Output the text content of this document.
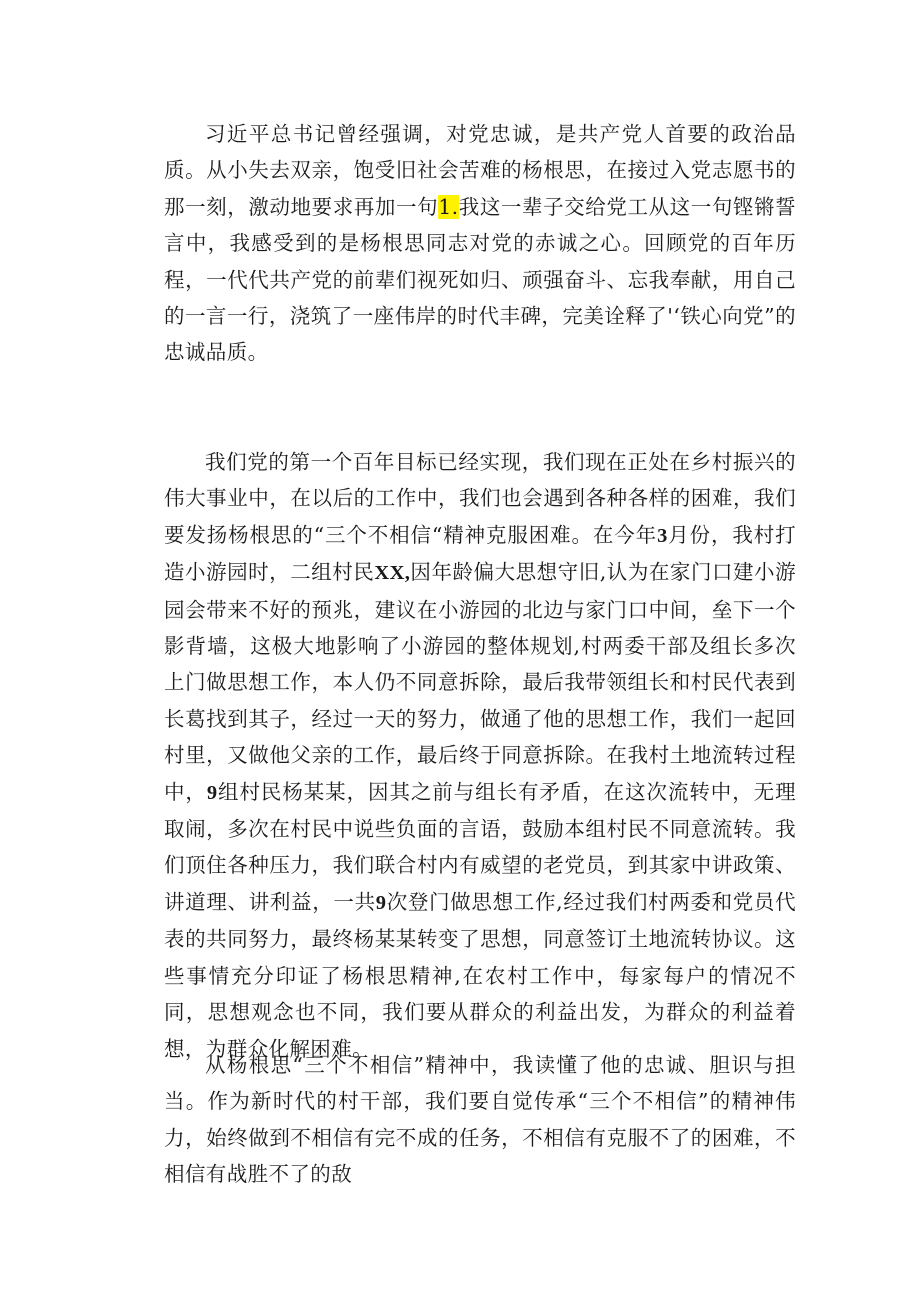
习近平总书记曾经强调，对党忠诚，是共产党人首要的政治品质。从小失去双亲，饱受旧社会苦难的杨根思，在接过入党志愿书的那一刻，激动地要求再加一句1.我这一辈子交给党工从这一句铿锵誓言中，我感受到的是杨根思同志对党的赤诚之心。回顾党的百年历程，一代代共产党的前辈们视死如归、顽强奋斗、忘我奉献，用自己的一言一行，浇筑了一座伟岸的时代丰碑，完美诠释了'‘铁心向党”的忠诚品质。

我们党的第一个百年目标已经实现，我们现在正处在乡村振兴的伟大事业中，在以后的工作中，我们也会遇到各种各样的困难，我们要发扬杨根思的“三个不相信“精神克服困难。在今年3月份，我村打造小游园时，二组村民XX,因年龄偏大思想守旧,认为在家门口建小游园会带来不好的预兆，建议在小游园的北边与家门口中间，垒下一个影背墙，这极大地影响了小游园的整体规划,村两委干部及组长多次上门做思想工作，本人仍不同意拆除，最后我带领组长和村民代表到长葛找到其子，经过一天的努力，做通了他的思想工作，我们一起回村里，又做他父亲的工作，最后终于同意拆除。在我村土地流转过程中，9组村民杨某某，因其之前与组长有矛盾，在这次流转中，无理取闹，多次在村民中说些负面的言语，鼓励本组村民不同意流转。我们顶住各种压力，我们联合村内有威望的老党员，到其家中讲政策、讲道理、讲利益，一共9次登门做思想工作,经过我们村两委和党员代表的共同努力，最终杨某某转变了思想，同意签订土地流转协议。这些事情充分印证了杨根思精神,在农村工作中，每家每户的情况不同，思想观念也不同，我们要从群众的利益出发，为群众的利益着想，为群众化解困难。

从杨根思“三个不相信”精神中，我读懂了他的忠诚、胆识与担当。作为新时代的村干部，我们要自觉传承“三个不相信”的精神伟力，始终做到不相信有完不成的任务，不相信有克服不了的困难，不相信有战胜不了的敌
